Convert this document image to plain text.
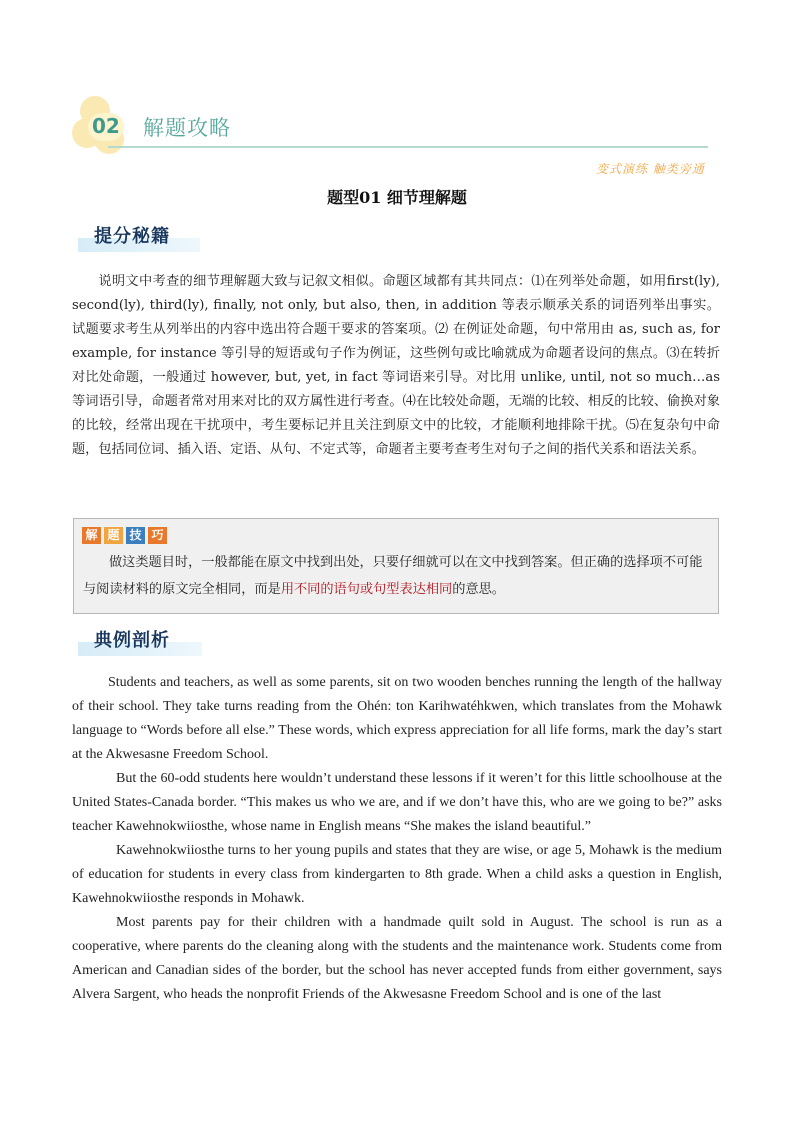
02 解题攻略
变式演练 触类旁通
题型01 细节理解题
提分秘籍
说明文中考查的细节理解题大致与记叙文相似。命题区域都有其共同点：⑴在列举处命题，如用first(ly), second(ly), third(ly), finally, not only, but also, then, in addition 等表示顺承关系的词语列举出事实。试题要求考生从列举出的内容中选出符合题干要求的答案项。⑵ 在例证处命题，句中常用由 as, such as, for example, for instance 等引导的短语或句子作为例证，这些例句或比喻就成为命题者设问的焦点。⑶在转折对比处命题，一般通过 however, but, yet, in fact 等词语来引导。对比用 unlike, until, not so much…as 等词语引导，命题者常对用来对比的双方属性进行考查。⑷在比较处命题，无端的比较、相反的比较、偷换对象的比较，经常出现在干扰项中，考生要标记并且关注到原文中的比较，才能顺利地排除干扰。⑸在复杂句中命题，包括同位词、插入语、定语、从句、不定式等，命题者主要考查考生对句子之间的指代关系和语法关系。
解 题 技 巧
做这类题目时，一般都能在原文中找到出处，只要仔细就可以在文中找到答案。但正确的选择项不可能与阅读材料的原文完全相同，而是用不同的语句或句型表达相同的意思。
典例剖析

Students and teachers, as well as some parents, sit on two wooden benches running the length of the hallway of their school. They take turns reading from the Ohén: ton Karihwatéhkwen, which translates from the Mohawk language to “Words before all else.” These words, which express appreciation for all life forms, mark the day’s start at the Akwesasne Freedom School.

But the 60-odd students here wouldn’t understand these lessons if it weren’t for this little schoolhouse at the United States-Canada border. “This makes us who we are, and if we don’t have this, who are we going to be?” asks teacher Kawehnokwiiosthe, whose name in English means “She makes the island beautiful.”

Kawehnokwiiosthe turns to her young pupils and states that they are wise, or age 5, Mohawk is the medium of education for students in every class from kindergarten to 8th grade. When a child asks a question in English, Kawehnokwiiosthe responds in Mohawk.

Most parents pay for their children with a handmade quilt sold in August. The school is run as a cooperative, where parents do the cleaning along with the students and the maintenance work. Students come from American and Canadian sides of the border, but the school has never accepted funds from either government, says Alvera Sargent, who heads the nonprofit Friends of the Akwesasne Freedom School and is one of the last
